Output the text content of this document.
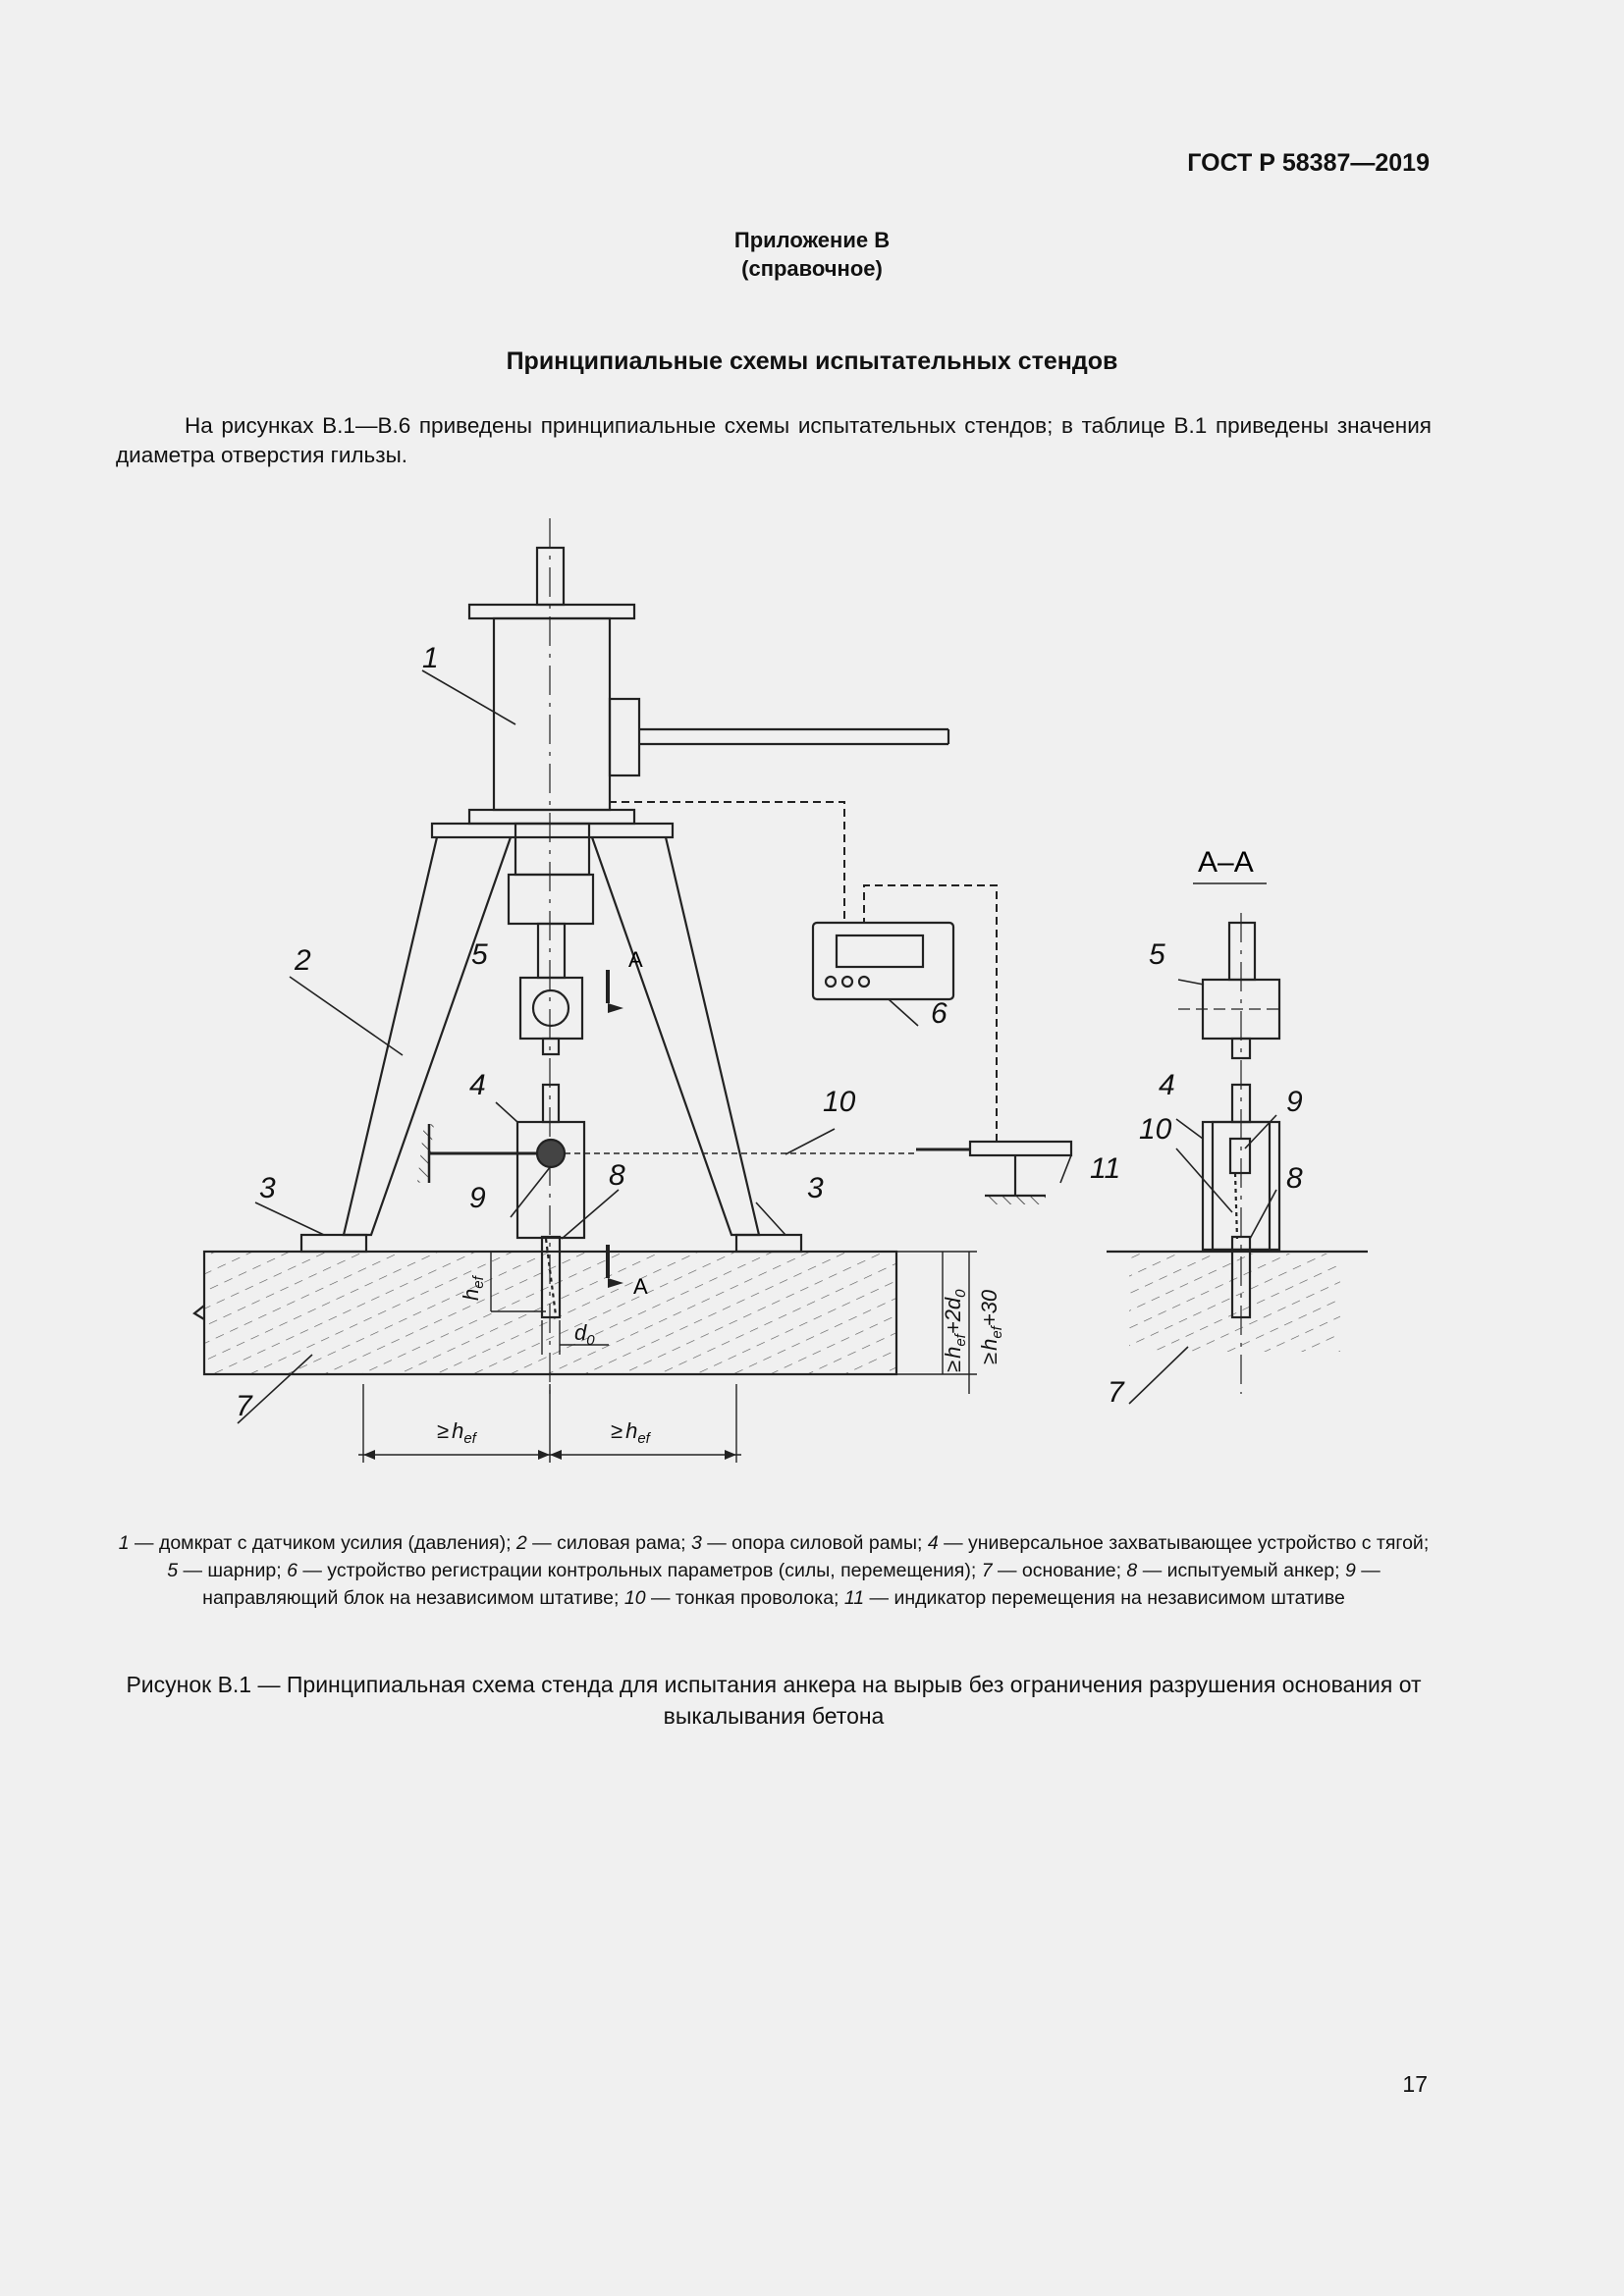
ГОСТ Р 58387—2019
Приложение В
(справочное)
Принципиальные схемы испытательных стендов
На рисунках В.1—В.6 приведены принципиальные схемы испытательных стендов; в таблице В.1 приведены значения диаметра отверстия гильзы.
1
2
3	3
4
5
6
7
8
9
10
11
А
А
≥ $h_{ef}$	≥ $h_{ef}$
$d_0$
$h_{ef}$
$\ge h_{ef}+2d_0$
$\ge h_{ef}+30$
А–А
5
4
10
9
8
7
1 — домкрат с датчиком усилия (давления); 2 — силовая рама; 3 — опора силовой рамы; 4 — универсальное захватывающее устройство с тягой; 5 — шарнир; 6 — устройство регистрации контрольных параметров (силы, перемещения); 7 — основание; 8 — испытуемый анкер; 9 — направляющий блок на независимом штативе; 10 — тонкая проволока; 11 — индикатор перемещения на независимом штативе
Рисунок В.1 — Принципиальная схема стенда для испытания анкера на вырыв без ограничения разрушения основания от выкалывания бетона
17
